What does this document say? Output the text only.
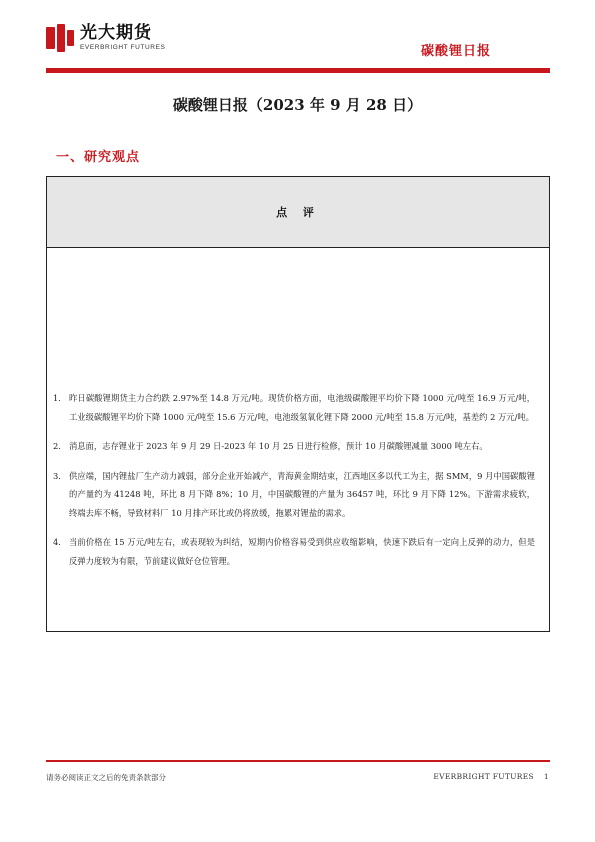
光大期货
EVERBRIGHT FUTURES	碳酸锂日报
碳酸锂日报（2023 年 9 月 28 日）
一、研究观点
点 评
1. 昨日碳酸锂期货主力合约跌 2.97%至 14.8 万元/吨。现货价格方面，电池级碳酸锂平均价下降 1000 元/吨至 16.9 万元/吨，工业级碳酸锂平均价下降 1000 元/吨至 15.6 万元/吨，电池级氢氧化锂下降 2000 元/吨至 15.8 万元/吨，基差约 2 万元/吨。
2. 消息面，志存锂业于 2023 年 9 月 29 日-2023 年 10 月 25 日进行检修，预计 10 月碳酸锂减量 3000 吨左右。
3. 供应端，国内锂盐厂生产动力减弱，部分企业开始减产，青海黄金期结束，江西地区多以代工为主，据 SMM，9 月中国碳酸锂的产量约为 41248 吨，环比 8 月下降 8%；10 月，中国碳酸锂的产量为 36457 吨，环比 9 月下降 12%。下游需求疲软，终端去库不畅，导致材料厂 10 月排产环比或仍将放缓，拖累对锂盐的需求。
4. 当前价格在 15 万元/吨左右，或表现较为纠结，短期内价格容易受到供应收缩影响，快速下跌后有一定向上反弹的动力，但是反弹力度较为有限，节前建议做好仓位管理。
请务必阅读正文之后的免责条款部分	EVERBRIGHT FUTURES 1
